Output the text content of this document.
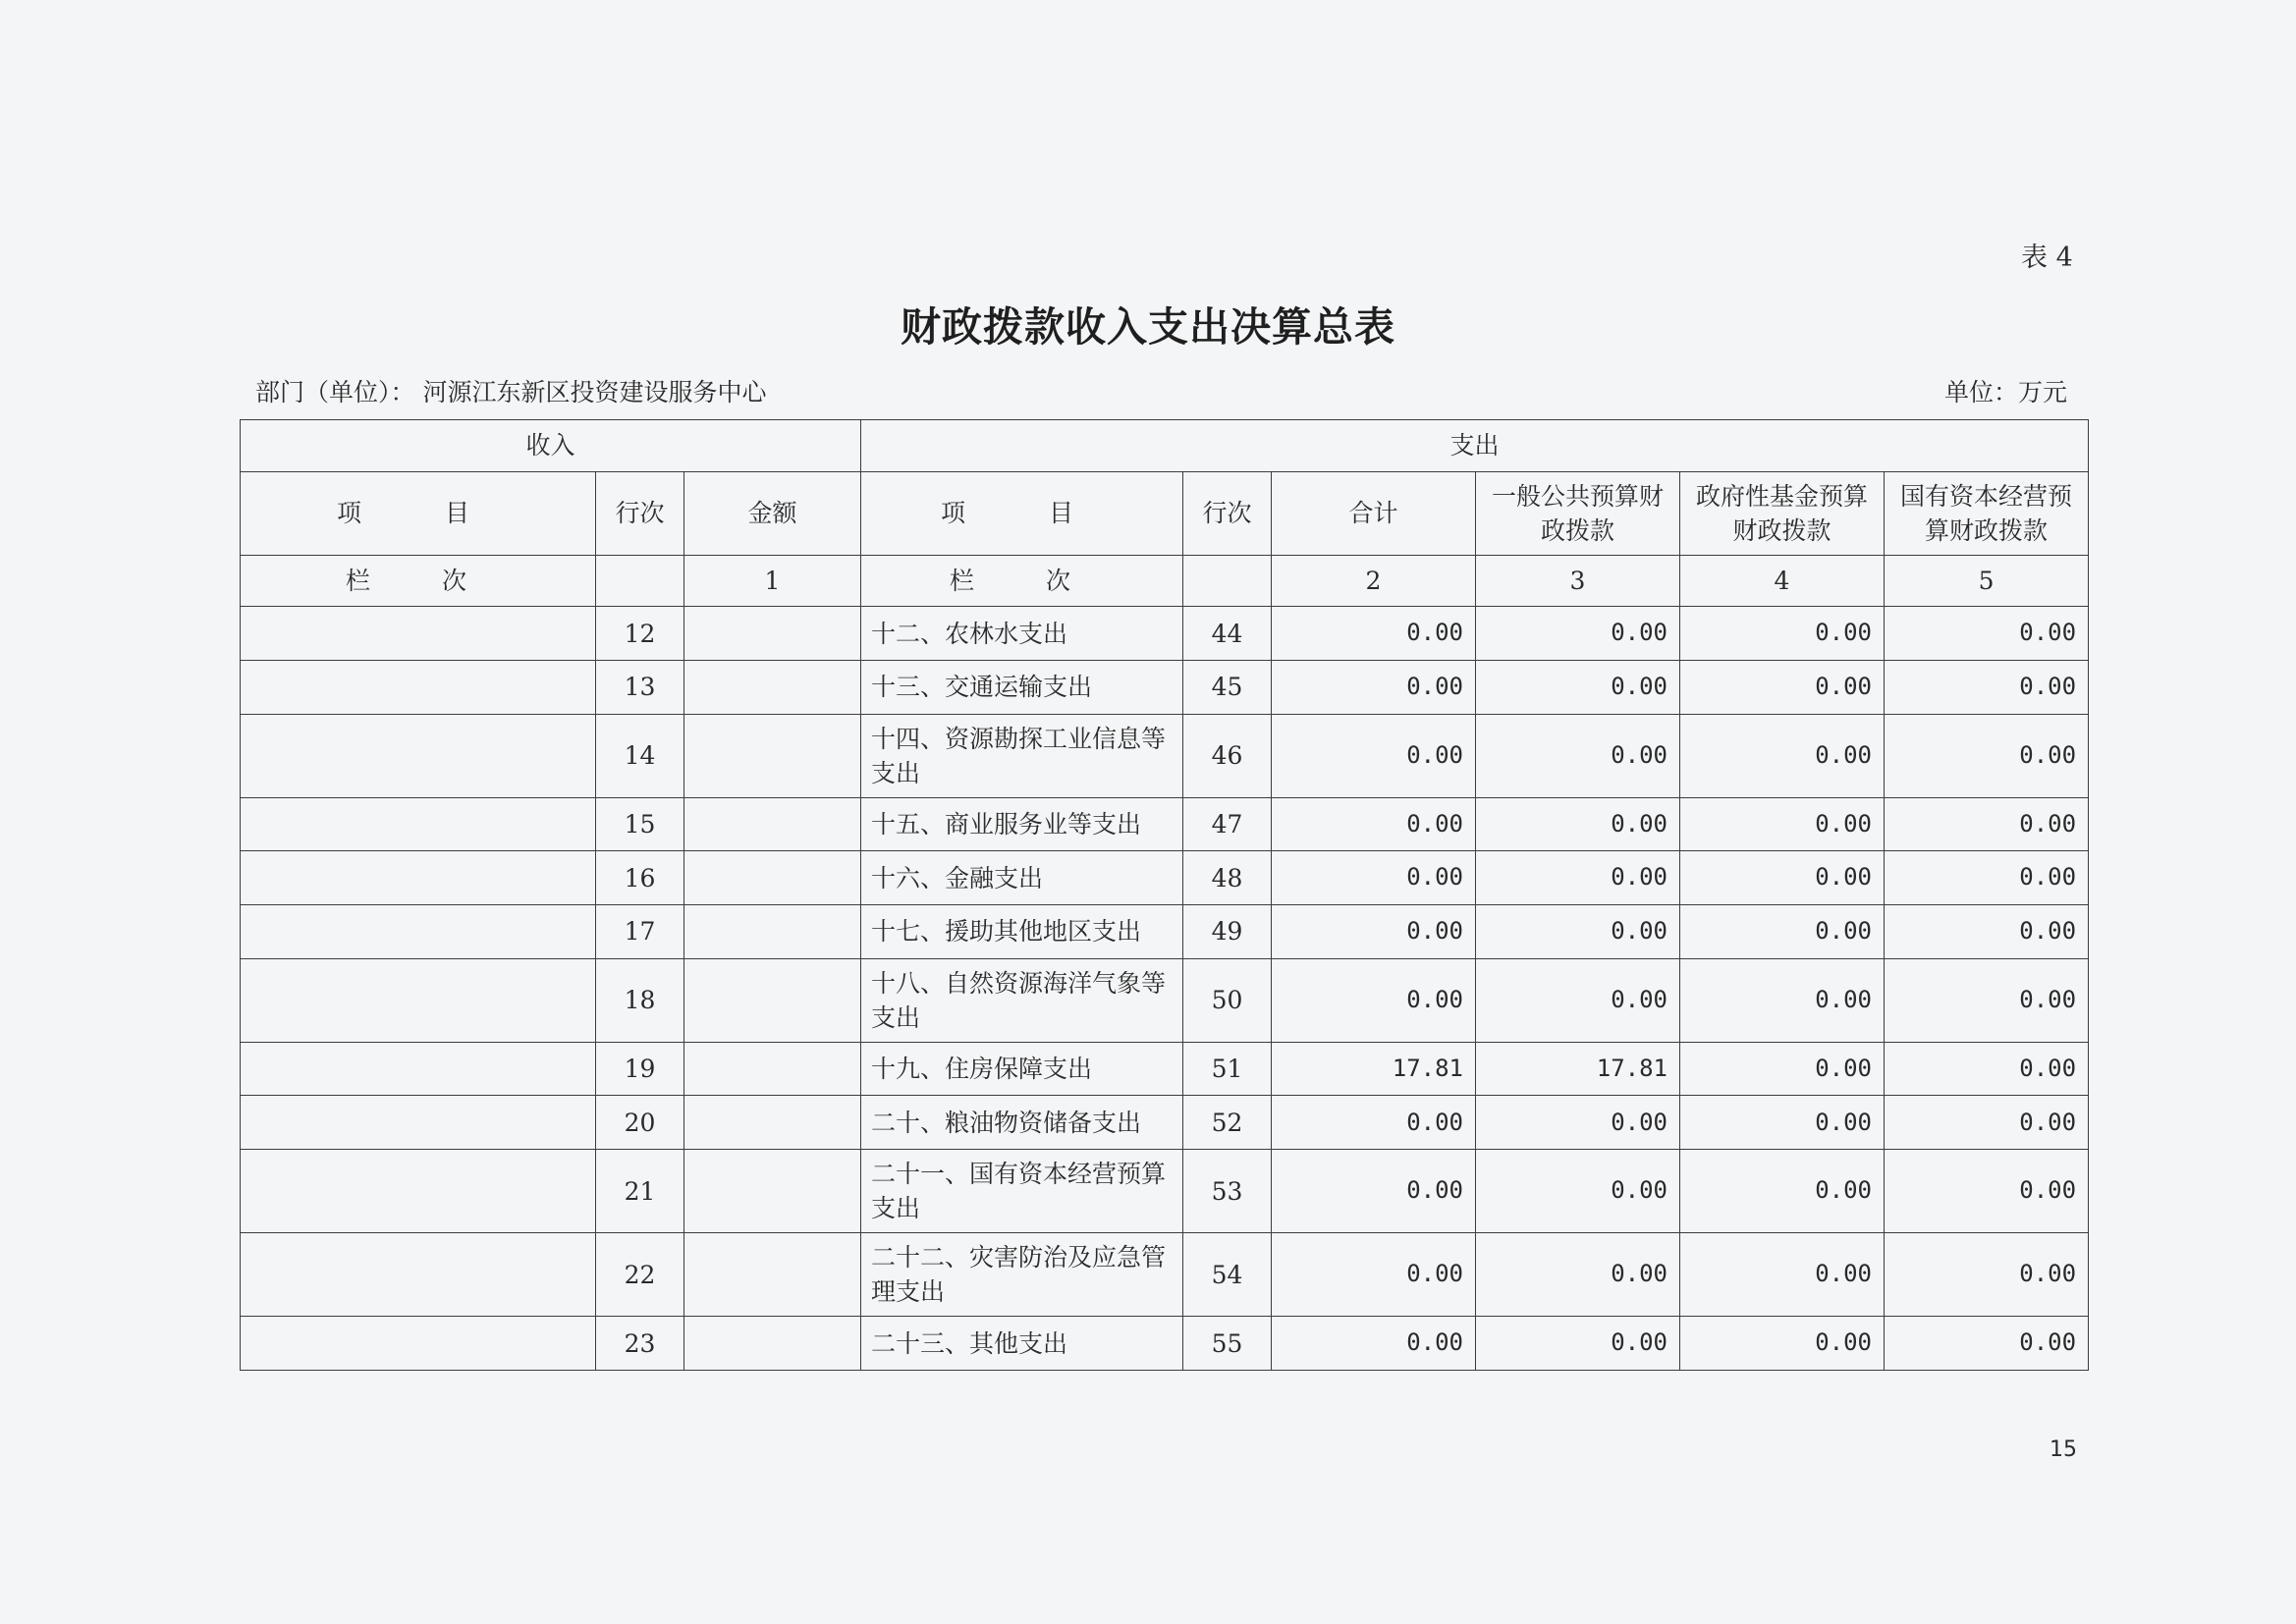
表 4
财政拨款收入支出决算总表
部门（单位）： 河源江东新区投资建设服务中心	单位：万元
收入			支出					
项　目	行次	金额	项　目	行次	合计	一般公共预算财政拨款	政府性基金预算财政拨款	国有资本经营预算财政拨款
栏　次		1	栏　次		2	3	4	5
	12		十二、农林水支出	44	0.00	0.00	0.00	0.00
	13		十三、交通运输支出	45	0.00	0.00	0.00	0.00
	14		十四、资源勘探工业信息等支出	46	0.00	0.00	0.00	0.00
	15		十五、商业服务业等支出	47	0.00	0.00	0.00	0.00
	16		十六、金融支出	48	0.00	0.00	0.00	0.00
	17		十七、援助其他地区支出	49	0.00	0.00	0.00	0.00
	18		十八、自然资源海洋气象等支出	50	0.00	0.00	0.00	0.00
	19		十九、住房保障支出	51	17.81	17.81	0.00	0.00
	20		二十、粮油物资储备支出	52	0.00	0.00	0.00	0.00
	21		二十一、国有资本经营预算支出	53	0.00	0.00	0.00	0.00
	22		二十二、灾害防治及应急管理支出	54	0.00	0.00	0.00	0.00
	23		二十三、其他支出	55	0.00	0.00	0.00	0.00
15
